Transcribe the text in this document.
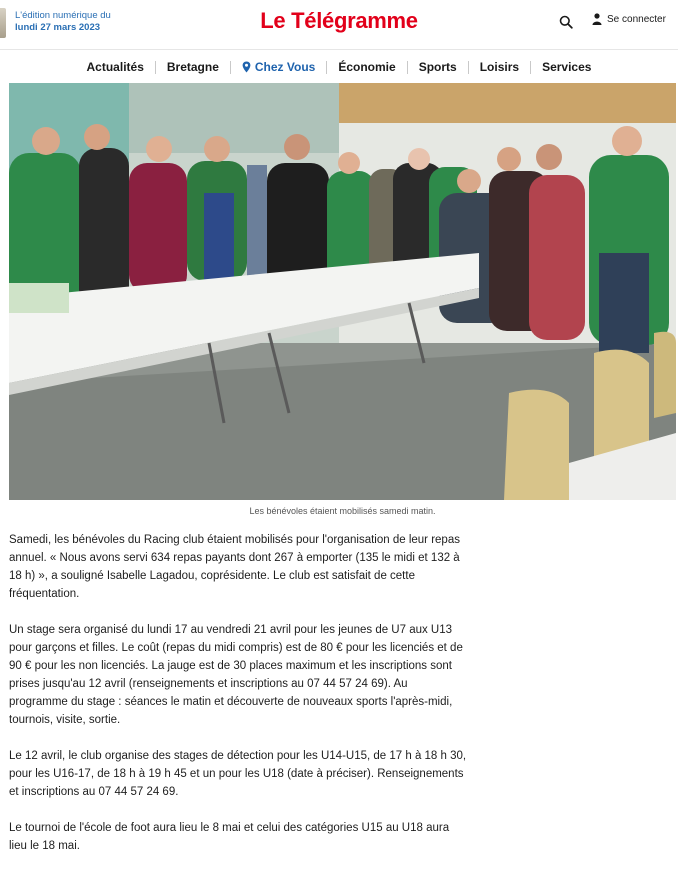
L'édition numérique du
lundi 27 mars 2023	Le Télégramme	Se connecter
Actualités Bretagne	Chez Vous Économie Sports Loisirs Services
Les bénévoles étaient mobilisés samedi matin.

Samedi, les bénévoles du Racing club étaient mobilisés pour l'organisation de leur repas annuel. « Nous avons servi 634 repas payants dont 267 à emporter (135 le midi et 132 à 18 h) », a souligné Isabelle Lagadou, coprésidente. Le club est satisfait de cette fréquentation.

Un stage sera organisé du lundi 17 au vendredi 21 avril pour les jeunes de U7 aux U13 pour garçons et filles. Le coût (repas du midi compris) est de 80 € pour les licenciés et de 90 € pour les non licenciés. La jauge est de 30 places maximum et les inscriptions sont prises jusqu'au 12 avril (renseignements et inscriptions au 07 44 57 24 69). Au programme du stage : séances le matin et découverte de nouveaux sports l'après-midi, tournois, visite, sortie.

Le 12 avril, le club organise des stages de détection pour les U14-U15, de 17 h à 18 h 30, pour les U16-17, de 18 h à 19 h 45 et un pour les U18 (date à préciser). Renseignements et inscriptions au 07 44 57 24 69.

Le tournoi de l'école de foot aura lieu le 8 mai et celui des catégories U15 au U18 aura lieu le 18 mai.
